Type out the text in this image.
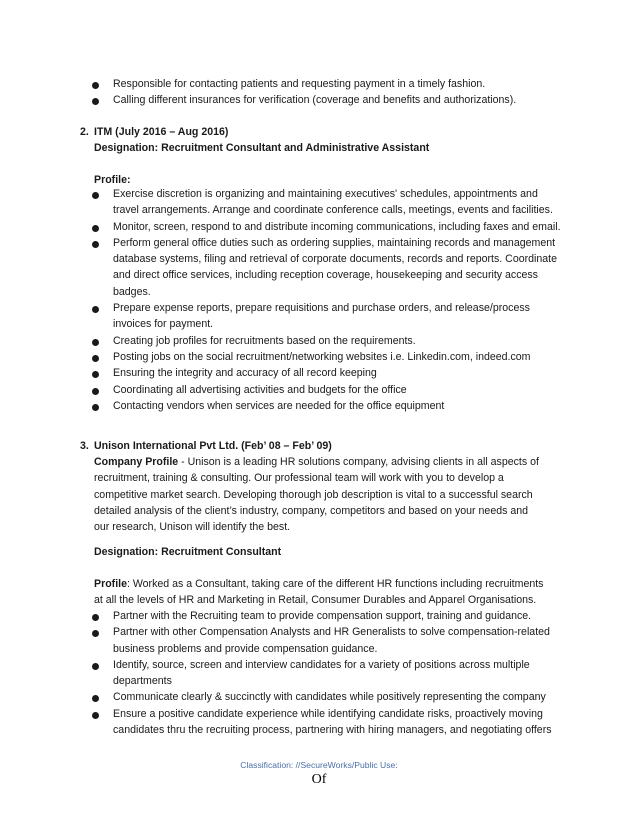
Responsible for contacting patients and requesting payment in a timely fashion.
Calling different insurances for verification (coverage and benefits and authorizations).
2. ITM (July 2016 – Aug 2016)
Designation: Recruitment Consultant and Administrative Assistant
Profile:
Exercise discretion is organizing and maintaining executives' schedules, appointments and travel arrangements. Arrange and coordinate conference calls, meetings, events and facilities.
Monitor, screen, respond to and distribute incoming communications, including faxes and email.
Perform general office duties such as ordering supplies, maintaining records and management database systems, filing and retrieval of corporate documents, records and reports. Coordinate and direct office services, including reception coverage, housekeeping and security access badges.
Prepare expense reports, prepare requisitions and purchase orders, and release/process invoices for payment.
Creating job profiles for recruitments based on the requirements.
Posting jobs on the social recruitment/networking websites i.e. Linkedin.com, indeed.com
Ensuring the integrity and accuracy of all record keeping
Coordinating all advertising activities and budgets for the office
Contacting vendors when services are needed for the office equipment
3. Unison International Pvt Ltd. (Feb’ 08 – Feb’ 09)
Company Profile - Unison is a leading HR solutions company, advising clients in all aspects of recruitment, training & consulting. Our professional team will work with you to develop a competitive market search. Developing thorough job description is vital to a successful search detailed analysis of the client’s industry, company, competitors and based on your needs and our research, Unison will identify the best.
Designation: Recruitment Consultant
Profile: Worked as a Consultant, taking care of the different HR functions including recruitments at all the levels of HR and Marketing in Retail, Consumer Durables and Apparel Organisations.
Partner with the Recruiting team to provide compensation support, training and guidance.
Partner with other Compensation Analysts and HR Generalists to solve compensation-related business problems and provide compensation guidance.
Identify, source, screen and interview candidates for a variety of positions across multiple departments
Communicate clearly & succinctly with candidates while positively representing the company
Ensure a positive candidate experience while identifying candidate risks, proactively moving candidates thru the recruiting process, partnering with hiring managers, and negotiating offers
Classification: //SecureWorks/Public Use:
Of
